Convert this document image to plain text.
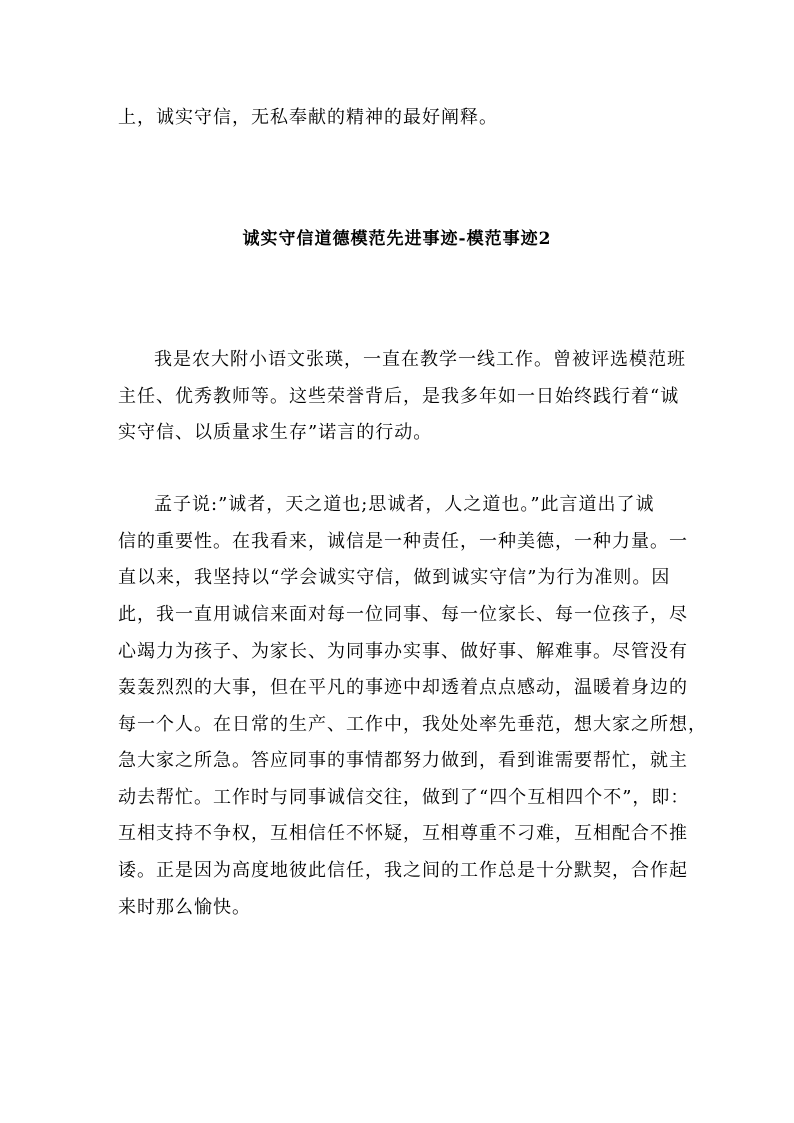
上，诚实守信，无私奉献的精神的最好阐释。
诚实守信道德模范先进事迹-模范事迹2
我是农大附小语文张瑛，一直在教学一线工作。曾被评选模范班
主任、优秀教师等。这些荣誉背后，是我多年如一日始终践行着“诚
实守信、以质量求生存”诺言的行动。
孟子说:”诚者，天之道也;思诚者，人之道也。”此言道出了诚
信的重要性。在我看来，诚信是一种责任，一种美德，一种力量。一
直以来，我坚持以“学会诚实守信，做到诚实守信”为行为准则。因
此，我一直用诚信来面对每一位同事、每一位家长、每一位孩子，尽
心竭力为孩子、为家长、为同事办实事、做好事、解难事。尽管没有
轰轰烈烈的大事，但在平凡的事迹中却透着点点感动，温暖着身边的
每一个人。在日常的生产、工作中，我处处率先垂范，想大家之所想，
急大家之所急。答应同事的事情都努力做到，看到谁需要帮忙，就主
动去帮忙。工作时与同事诚信交往，做到了“四个互相四个不”，即：
互相支持不争权，互相信任不怀疑，互相尊重不刁难，互相配合不推
诿。正是因为高度地彼此信任，我之间的工作总是十分默契，合作起
来时那么愉快。
